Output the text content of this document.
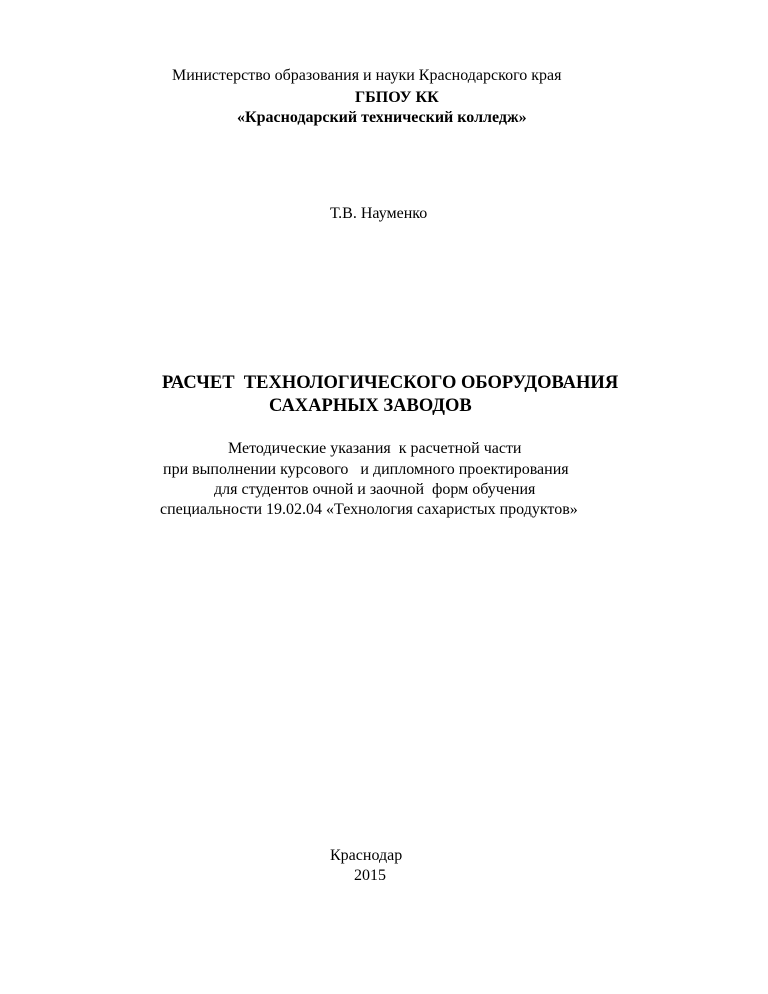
Министерство образования и науки Краснодарского края
ГБПОУ КК
«Краснодарский технический колледж»
Т.В. Науменко
РАСЧЕТ  ТЕХНОЛОГИЧЕСКОГО ОБОРУДОВАНИЯ
САХАРНЫХ ЗАВОДОВ
Методические указания  к расчетной части
при выполнении курсового   и дипломного проектирования
для студентов очной и заочной  форм обучения
специальности 19.02.04 «Технология сахаристых продуктов»
Краснодар
2015
